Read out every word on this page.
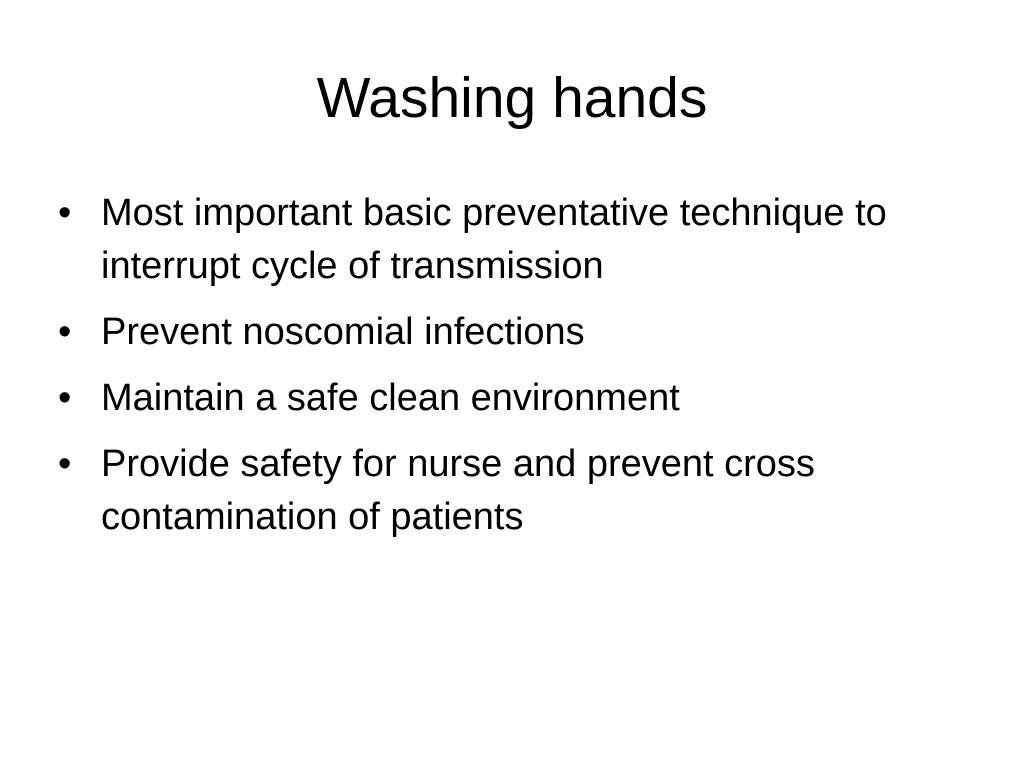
Washing hands
• Most important basic preventative technique to interrupt cycle of transmission
• Prevent noscomial infections
• Maintain a safe clean environment
• Provide safety for nurse and prevent cross contamination of patients
